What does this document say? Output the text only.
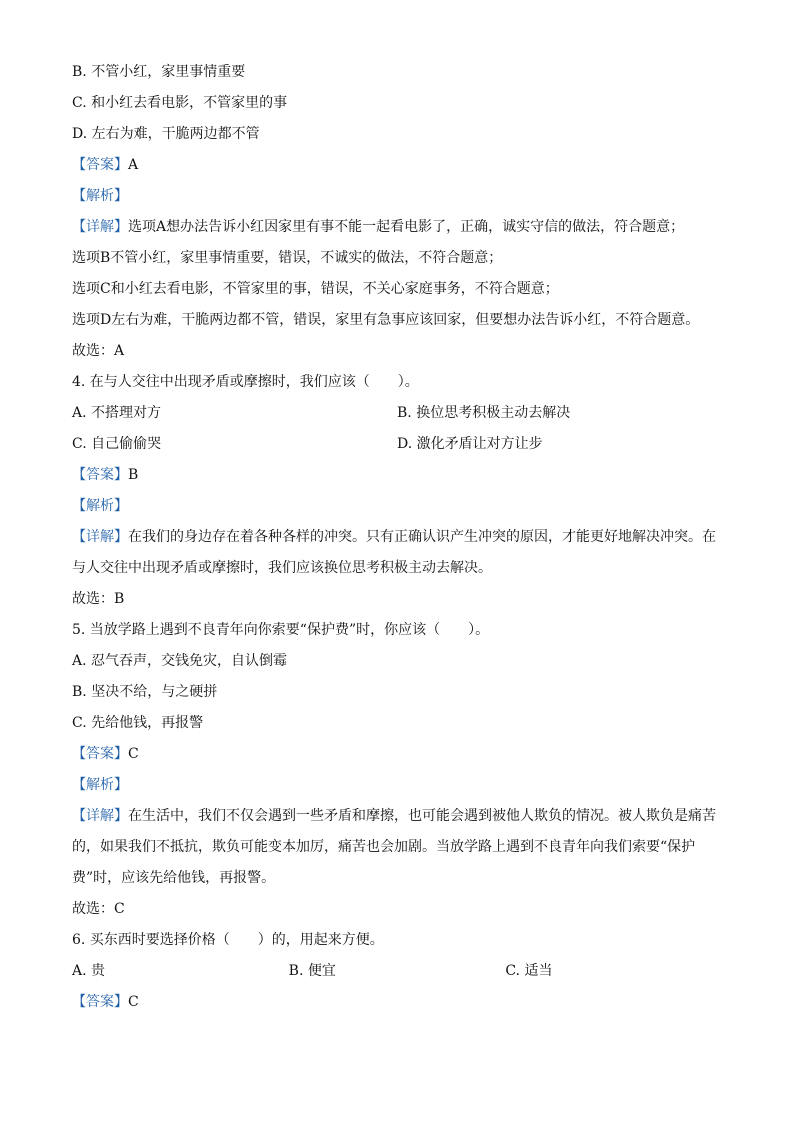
B. 不管小红，家里事情重要

C. 和小红去看电影，不管家里的事

D. 左右为难，干脆两边都不管

【答案】A

【解析】

【详解】选项A想办法告诉小红因家里有事不能一起看电影了，正确，诚实守信的做法，符合题意；

选项B不管小红，家里事情重要，错误，不诚实的做法，不符合题意；

选项C和小红去看电影，不管家里的事，错误，不关心家庭事务，不符合题意；

选项D左右为难，干脆两边都不管，错误，家里有急事应该回家，但要想办法告诉小红，不符合题意。

故选：A

4. 在与人交往中出现矛盾或摩擦时，我们应该（　　）。

A. 不搭理对方	B. 换位思考积极主动去解决

C. 自己偷偷哭	D. 激化矛盾让对方让步

【答案】B

【解析】

【详解】在我们的身边存在着各种各样的冲突。只有正确认识产生冲突的原因，才能更好地解决冲突。在

与人交往中出现矛盾或摩擦时，我们应该换位思考积极主动去解决。

故选：B

5. 当放学路上遇到不良青年向你索要“保护费”时，你应该（　　）。

A. 忍气吞声，交钱免灾，自认倒霉

B. 坚决不给，与之硬拼

C. 先给他钱，再报警

【答案】C

【解析】

【详解】在生活中，我们不仅会遇到一些矛盾和摩擦，也可能会遇到被他人欺负的情况。被人欺负是痛苦

的，如果我们不抵抗，欺负可能变本加厉，痛苦也会加剧。当放学路上遇到不良青年向我们索要“保护

费”时，应该先给他钱，再报警。

故选：C

6. 买东西时要选择价格（　　）的，用起来方便。

A. 贵	B. 便宜	C. 适当

【答案】C
